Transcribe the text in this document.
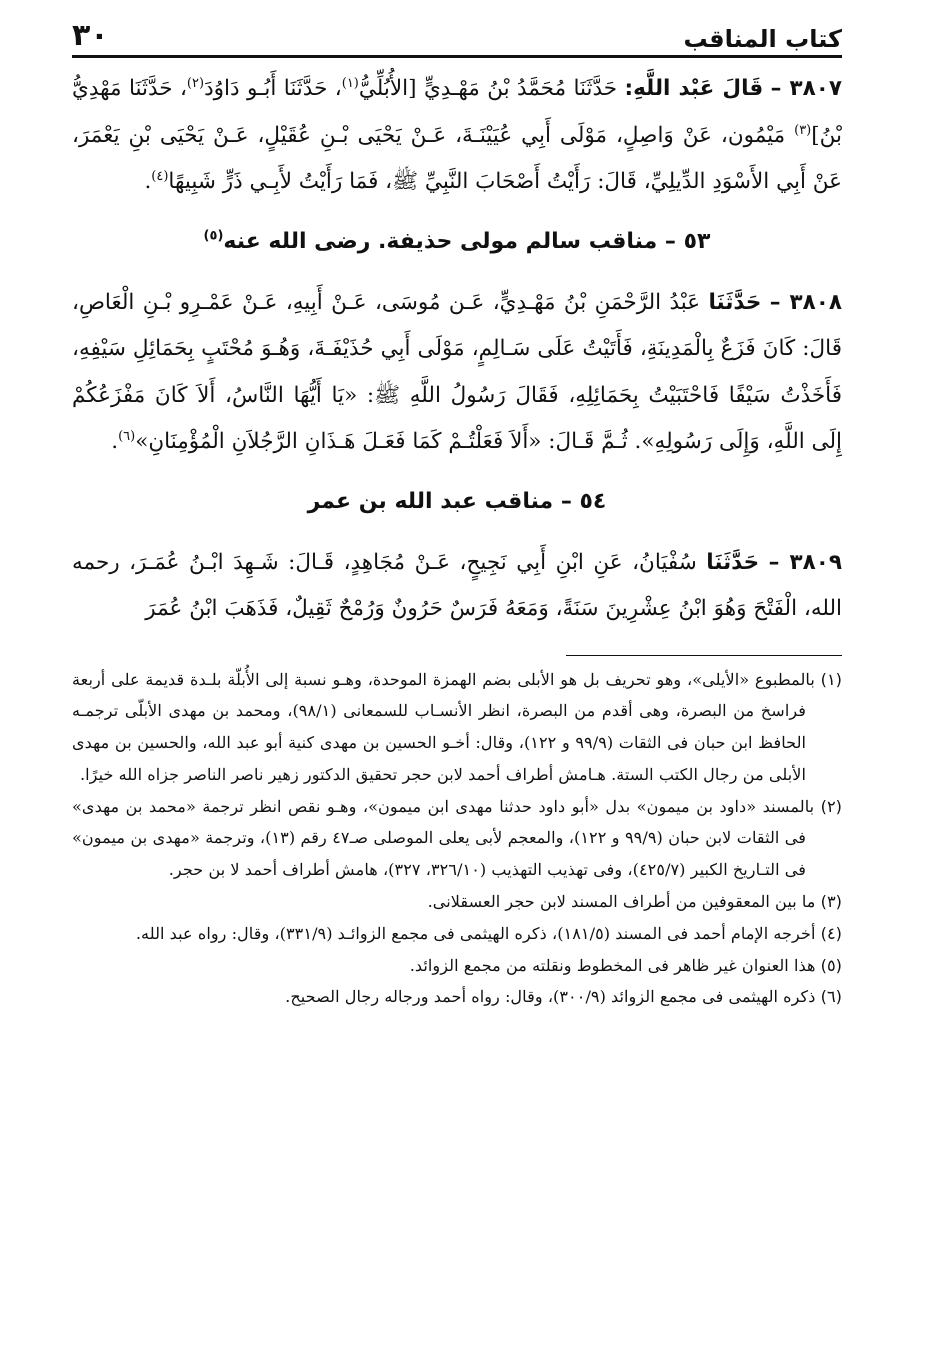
كتاب المناقب
٣٠

٣٨٠٧ – قَالَ عَبْد اللَّهِ: حَدَّثَنَا مُحَمَّدُ بْنُ مَهْـدِيٍّ [الأُبُلِّيُّ$^{(١)}$، حَدَّثَنَا أَبُـو دَاوُدَ$^{(٢)}$، حَدَّثَنَا مَهْدِيُّ بْنُ]$^{(٣)}$ مَيْمُون، عَنْ وَاصِلٍ، مَوْلَى أَبِي عُيَيْنَـةَ، عَـنْ يَحْيَى بْـنِ عُقَيْلٍ، عَـنْ يَحْيَى بْنِ يَعْمَرَ، عَنْ أَبِي الأَسْوَدِ الدِّيلِيِّ، قَالَ: رَأَيْتُ أَصْحَابَ النَّبِيِّ ﷺ، فَمَا رَأَيْتُ لأَبِـي ذَرٍّ شَبِيهًا$^{(٤)}$.

٥٣ – مناقب سالم مولى حذيفة. رضى الله عنه$^{(٥)}$

٣٨٠٨ – حَدَّثَنَا عَبْدُ الرَّحْمَنِ بْنُ مَهْـدِيٍّ، عَـن مُوسَى، عَـنْ أَبِيهِ، عَـنْ عَمْـرِو بْـنِ الْعَاصِ، قَالَ: كَانَ فَزَعٌ بِالْمَدِينَةِ، فَأَتَيْتُ عَلَى سَـالِمٍ، مَوْلَى أَبِي حُذَيْفَـةَ، وَهُـوَ مُحْتَبٍ بِحَمَائِلِ سَيْفِهِ، فَأَخَذْتُ سَيْفًا فَاحْتَبَيْتُ بِحَمَائِلِهِ، فَقَالَ رَسُولُ اللَّهِ ﷺ: «يَا أَيُّهَا النَّاسُ، أَلاَ كَانَ مَفْزَعُكُمْ إِلَى اللَّهِ، وَإِلَى رَسُولِهِ». ثُـمَّ قَـالَ: «أَلاَ فَعَلْتُـمْ كَمَا فَعَـلَ هَـذَانِ الرَّجُلاَنِ الْمُؤْمِنَانِ»$^{(٦)}$.

٥٤ – مناقب عبد الله بن عمر

٣٨٠٩ – حَدَّثَنَا سُفْيَانُ، عَنِ ابْنِ أَبِي نَجِيحٍ، عَـنْ مُجَاهِدٍ، قَـالَ: شَـهِدَ ابْـنُ عُمَـرَ، رحمه الله، الْفَتْحَ وَهُوَ ابْنُ عِشْرِينَ سَنَةً، وَمَعَهُ فَرَسٌ حَرُونٌ وَرُمْحٌ ثَقِيلٌ، فَذَهَبَ ابْنُ عُمَرَ

(١) بالمطبوع «الأيلى»، وهو تحريف بل هو الأبلى بضم الهمزة الموحدة، وهـو نسبة إلى الأُبلّة بلـدة قديمة على أربعة فراسخ من البصرة، وهى أقدم من البصرة، انظر الأنسـاب للسمعانى (٩٨/١)، ومحمد بن مهدى الأبلّى ترجمـه الحافظ ابن حبان فى الثقات (٩٩/٩ و ١٢٢)، وقال: أخـو الحسين بن مهدى كنية أبو عبد الله، والحسين بن مهدى الأبلى من رجال الكتب الستة. هـامش أطراف أحمد لابن حجر تحقيق الدكتور زهير ناصر الناصر جزاه الله خيرًا.

(٢) بالمسند «داود بن ميمون» بدل «أبو داود حدثنا مهدى ابن ميمون»، وهـو نقص انظر ترجمة «محمد بن مهدى» فى الثقات لابن حبان (٩٩/٩ و ١٢٢)، والمعجم لأبى يعلى الموصلى صـ٤٧ رقم (١٣)، وترجمة «مهدى بن ميمون» فى التـاريخ الكبير (٤٢٥/٧)، وفى تهذيب التهذيب (٣٢٦/١٠، ٣٢٧)، هامش أطراف أحمد لا بن حجر.

(٣) ما بين المعقوفين من أطراف المسند لابن حجر العسقلانى.

(٤) أخرجه الإمام أحمد فى المسند (١٨١/٥)، ذكره الهيثمى فى مجمع الزوائـد (٣٣١/٩)، وقال: رواه عبد الله.

(٥) هذا العنوان غير ظاهر فى المخطوط ونقلته من مجمع الزوائد.

(٦) ذكره الهيثمى فى مجمع الزوائد (٣٠٠/٩)، وقال: رواه أحمد ورجاله رجال الصحيح.
